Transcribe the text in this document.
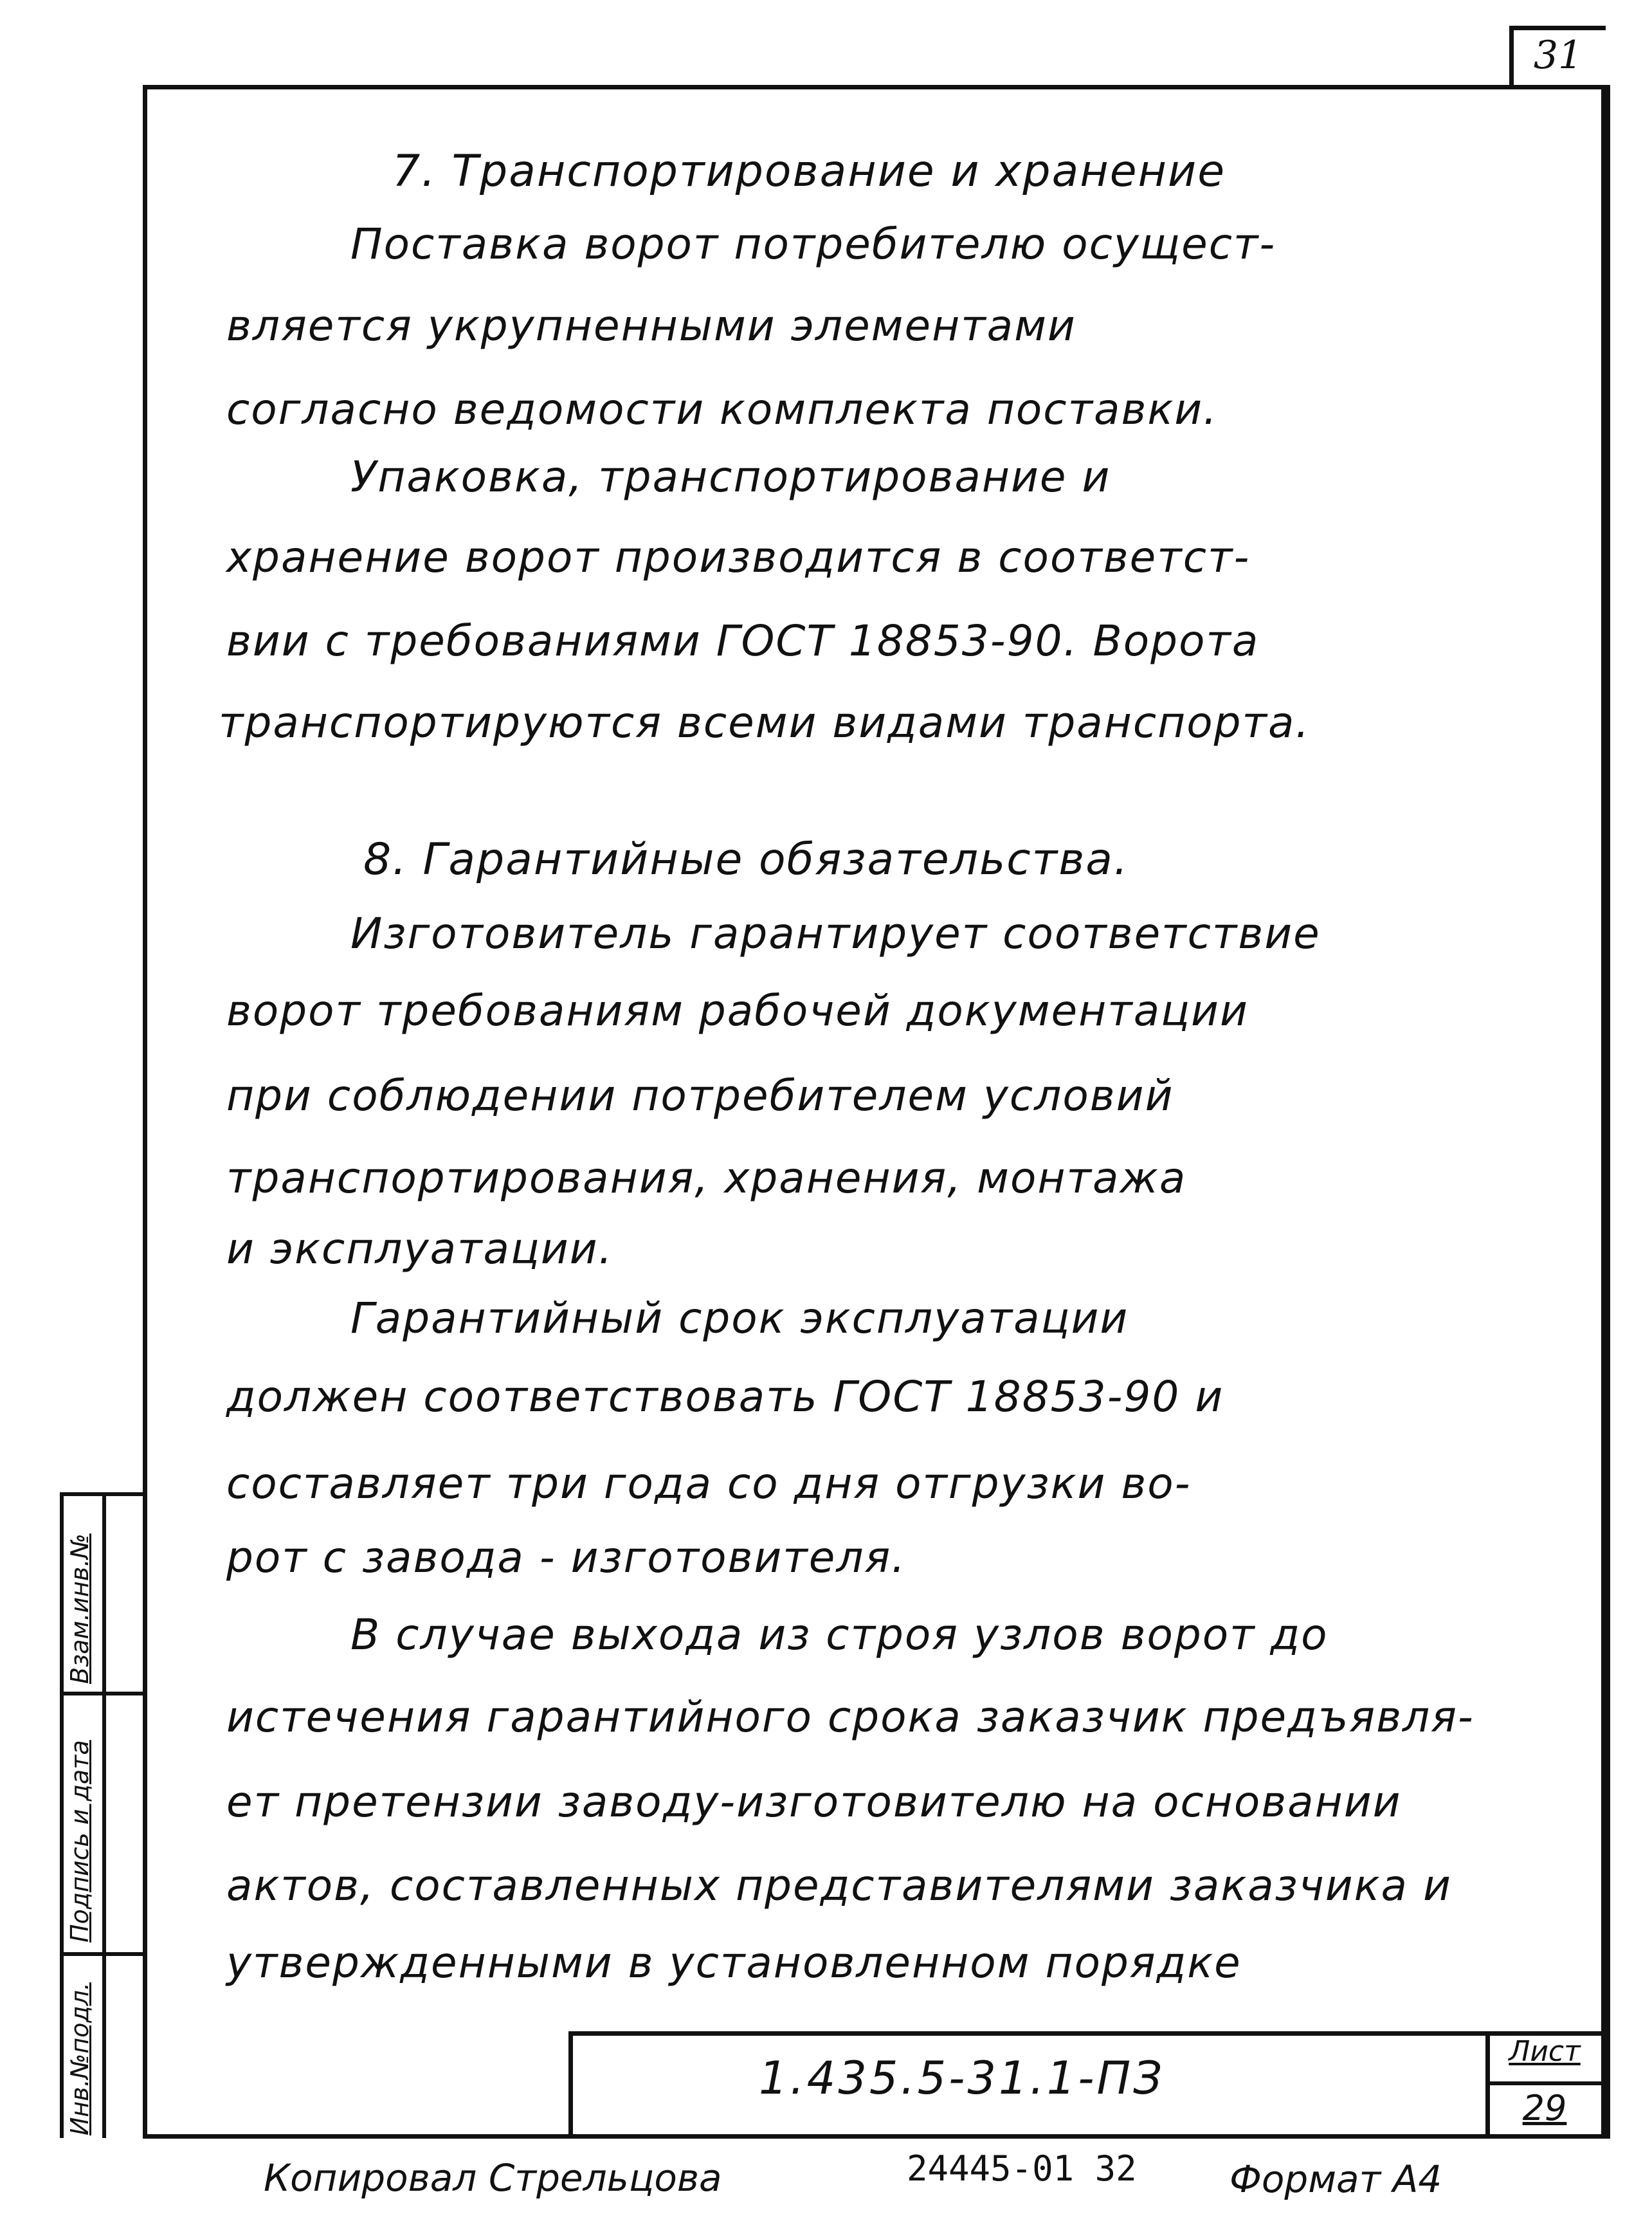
31
7. Транспортирование и хранение
Поставка ворот потребителю осущест-
вляется укрупненными элементами
согласно ведомости комплекта поставки.
Упаковка, транспортирование и
хранение ворот производится в соответст-
вии с требованиями ГОСТ 18853-90. Ворота
транспортируются всеми видами транспорта.
8. Гарантийные обязательства.
Изготовитель гарантирует соответствие
ворот требованиям рабочей документации
при соблюдении потребителем условий
транспортирования, хранения, монтажа
и эксплуатации.
Гарантийный срок эксплуатации
должен соответствовать ГОСТ 18853-90 и
составляет три года со дня отгрузки во-
рот с завода - изготовителя.
В случае выхода из строя узлов ворот до
истечения гарантийного срока заказчик предъявля-
ет претензии заводу-изготовителю на основании
актов, составленных представителями заказчика и
утвержденными в установленном порядке
Инв.№подл.
Подпись и дата
Взам.инв.№
1.435.5-31.1-ПЗ
Лист
29
Копировал Стрельцова	24445-01 32 Формат А4
